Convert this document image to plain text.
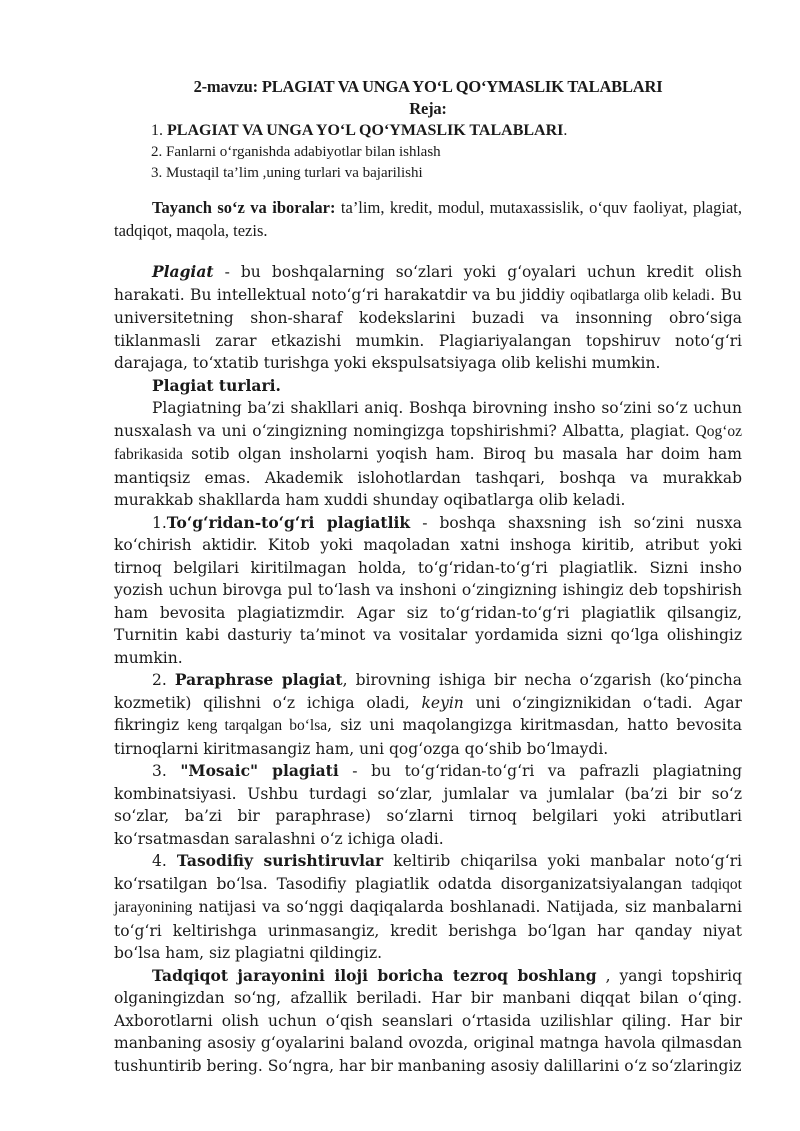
2-mavzu: PLAGIAT VA UNGA YO‘L QO‘YMASLIK TALABLARI
Reja:
1. PLAGIAT VA UNGA YO‘L QO‘YMASLIK TALABLARI.
2. Fanlarni o‘rganishda adabiyotlar bilan ishlash
3. Mustaqil ta’lim ,uning turlari va bajarilishi

Tayanch so‘z va iboralar: ta’lim, kredit, modul, mutaxassislik, o‘quv faoliyat, plagiat, tadqiqot, maqola, tezis.

Plagiat - bu boshqalarning so‘zlari yoki g‘oyalari uchun kredit olish harakati. Bu intellektual noto‘g‘ri harakatdir va bu jiddiy oqibatlarga olib keladi. Bu universitetning shon-sharaf kodekslarini buzadi va insonning obro‘siga tiklanmasli zarar etkazishi mumkin. Plagiariyalangan topshiruv noto‘g‘ri darajaga, to‘xtatib turishga yoki ekspulsatsiyaga olib kelishi mumkin.

Plagiat turlari.

Plagiatning ba’zi shakllari aniq. Boshqa birovning insho so‘zini so‘z uchun nusxalash va uni o‘zingizning nomingizga topshirishmi? Albatta, plagiat. Qog‘oz fabrikasida sotib olgan insholarni yoqish ham. Biroq bu masala har doim ham mantiqsiz emas. Akademik islohotlardan tashqari, boshqa va murakkab murakkab shakllarda ham xuddi shunday oqibatlarga olib keladi.

1.To‘g‘ridan-to‘g‘ri plagiatlik - boshqa shaxsning ish so‘zini nusxa ko‘chirish aktidir. Kitob yoki maqoladan xatni inshoga kiritib, atribut yoki tirnoq belgilari kiritilmagan holda, to‘g‘ridan-to‘g‘ri plagiatlik. Sizni insho yozish uchun birovga pul to‘lash va inshoni o‘zingizning ishingiz deb topshirish ham bevosita plagiatizmdir. Agar siz to‘g‘ridan-to‘g‘ri plagiatlik qilsangiz, Turnitin kabi dasturiy ta’minot va vositalar yordamida sizni qo‘lga olishingiz mumkin.

2. Paraphrase plagiat, birovning ishiga bir necha o‘zgarish (ko‘pincha kozmetik) qilishni o‘z ichiga oladi, keyin uni o‘zingiznikidan o‘tadi. Agar fikringiz keng tarqalgan bo‘lsa, siz uni maqolangizga kiritmasdan, hatto bevosita tirnoqlarni kiritmasangiz ham, uni qog‘ozga qo‘shib bo‘lmaydi.

3. "Mosaic" plagiati - bu to‘g‘ridan-to‘g‘ri va pafrazli plagiatning kombinatsiyasi. Ushbu turdagi so‘zlar, jumlalar va jumlalar (ba’zi bir so‘z so‘zlar, ba’zi bir paraphrase) so‘zlarni tirnoq belgilari yoki atributlari ko‘rsatmasdan saralashni o‘z ichiga oladi.

4. Tasodifiy surishtiruvlar keltirib chiqarilsa yoki manbalar noto‘g‘ri ko‘rsatilgan bo‘lsa. Tasodifiy plagiatlik odatda disorganizatsiyalangan tadqiqot jarayonining natijasi va so‘nggi daqiqalarda boshlanadi. Natijada, siz manbalarni to‘g‘ri keltirishga urinmasangiz, kredit berishga bo‘lgan har qanday niyat bo‘lsa ham, siz plagiatni qildingiz.

Tadqiqot jarayonini iloji boricha tezroq boshlang , yangi topshiriq olganingizdan so‘ng, afzallik beriladi. Har bir manbani diqqat bilan o‘qing. Axborotlarni olish uchun o‘qish seanslari o‘rtasida uzilishlar qiling. Har bir manbaning asosiy g‘oyalarini baland ovozda, original matnga havola qilmasdan tushuntirib bering. So‘ngra, har bir manbaning asosiy dalillarini o‘z so‘zlaringiz
